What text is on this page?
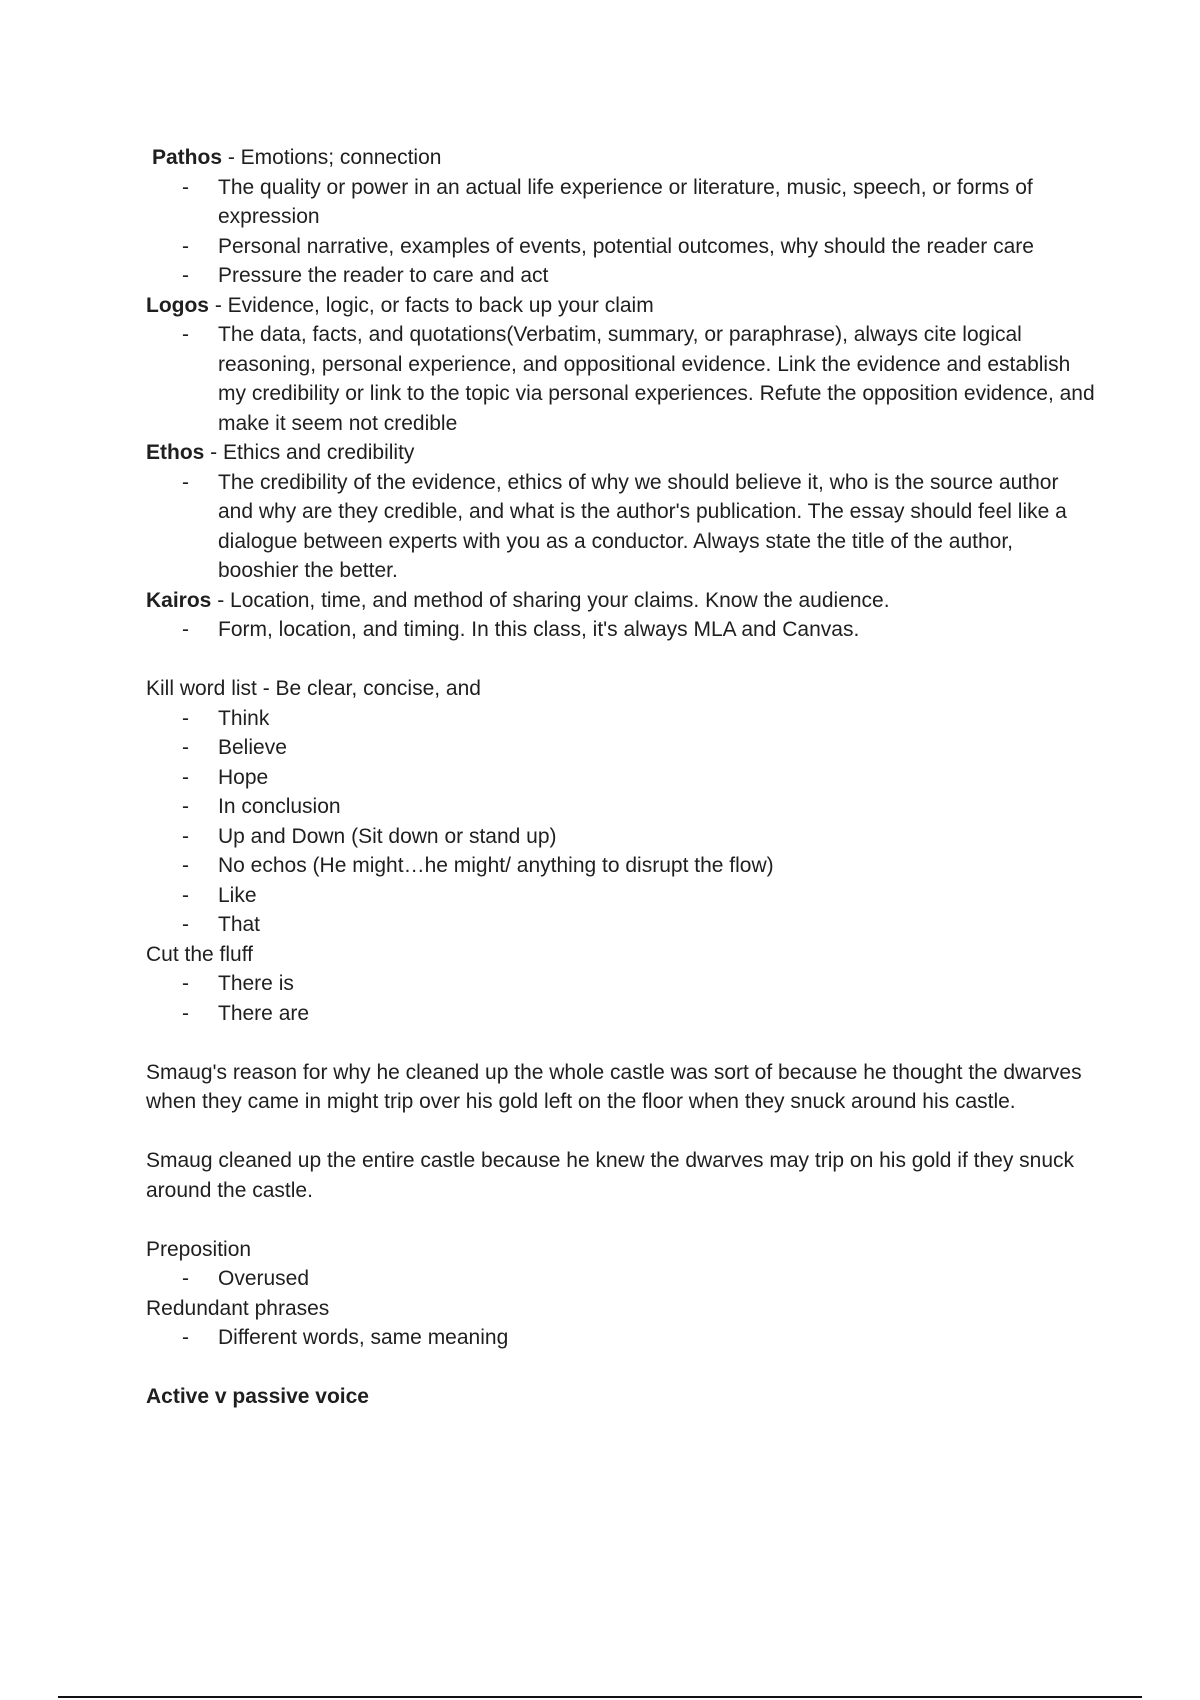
Pathos - Emotions; connection

- The quality or power in an actual life experience or literature, music, speech, or forms of expression
- Personal narrative, examples of events, potential outcomes, why should the reader care
- Pressure the reader to care and act

Logos - Evidence, logic, or facts to back up your claim

- The data, facts, and quotations(Verbatim, summary, or paraphrase), always cite logical reasoning, personal experience, and oppositional evidence. Link the evidence and establish my credibility or link to the topic via personal experiences. Refute the opposition evidence, and make it seem not credible

Ethos - Ethics and credibility

- The credibility of the evidence, ethics of why we should believe it, who is the source author and why are they credible, and what is the author's publication. The essay should feel like a dialogue between experts with you as a conductor. Always state the title of the author, booshier the better.

Kairos - Location, time, and method of sharing your claims. Know the audience.

- Form, location, and timing. In this class, it's always MLA and Canvas.

Kill word list - Be clear, concise, and

- Think
- Believe
- Hope
- In conclusion
- Up and Down (Sit down or stand up)
- No echos (He might…he might/ anything to disrupt the flow)
- Like
- That

Cut the fluff

- There is
- There are

Smaug's reason for why he cleaned up the whole castle was sort of because he thought the dwarves when they came in might trip over his gold left on the floor when they snuck around his castle.

Smaug cleaned up the entire castle because he knew the dwarves may trip on his gold if they snuck around the castle.

Preposition

- Overused

Redundant phrases

- Different words, same meaning

Active v passive voice
